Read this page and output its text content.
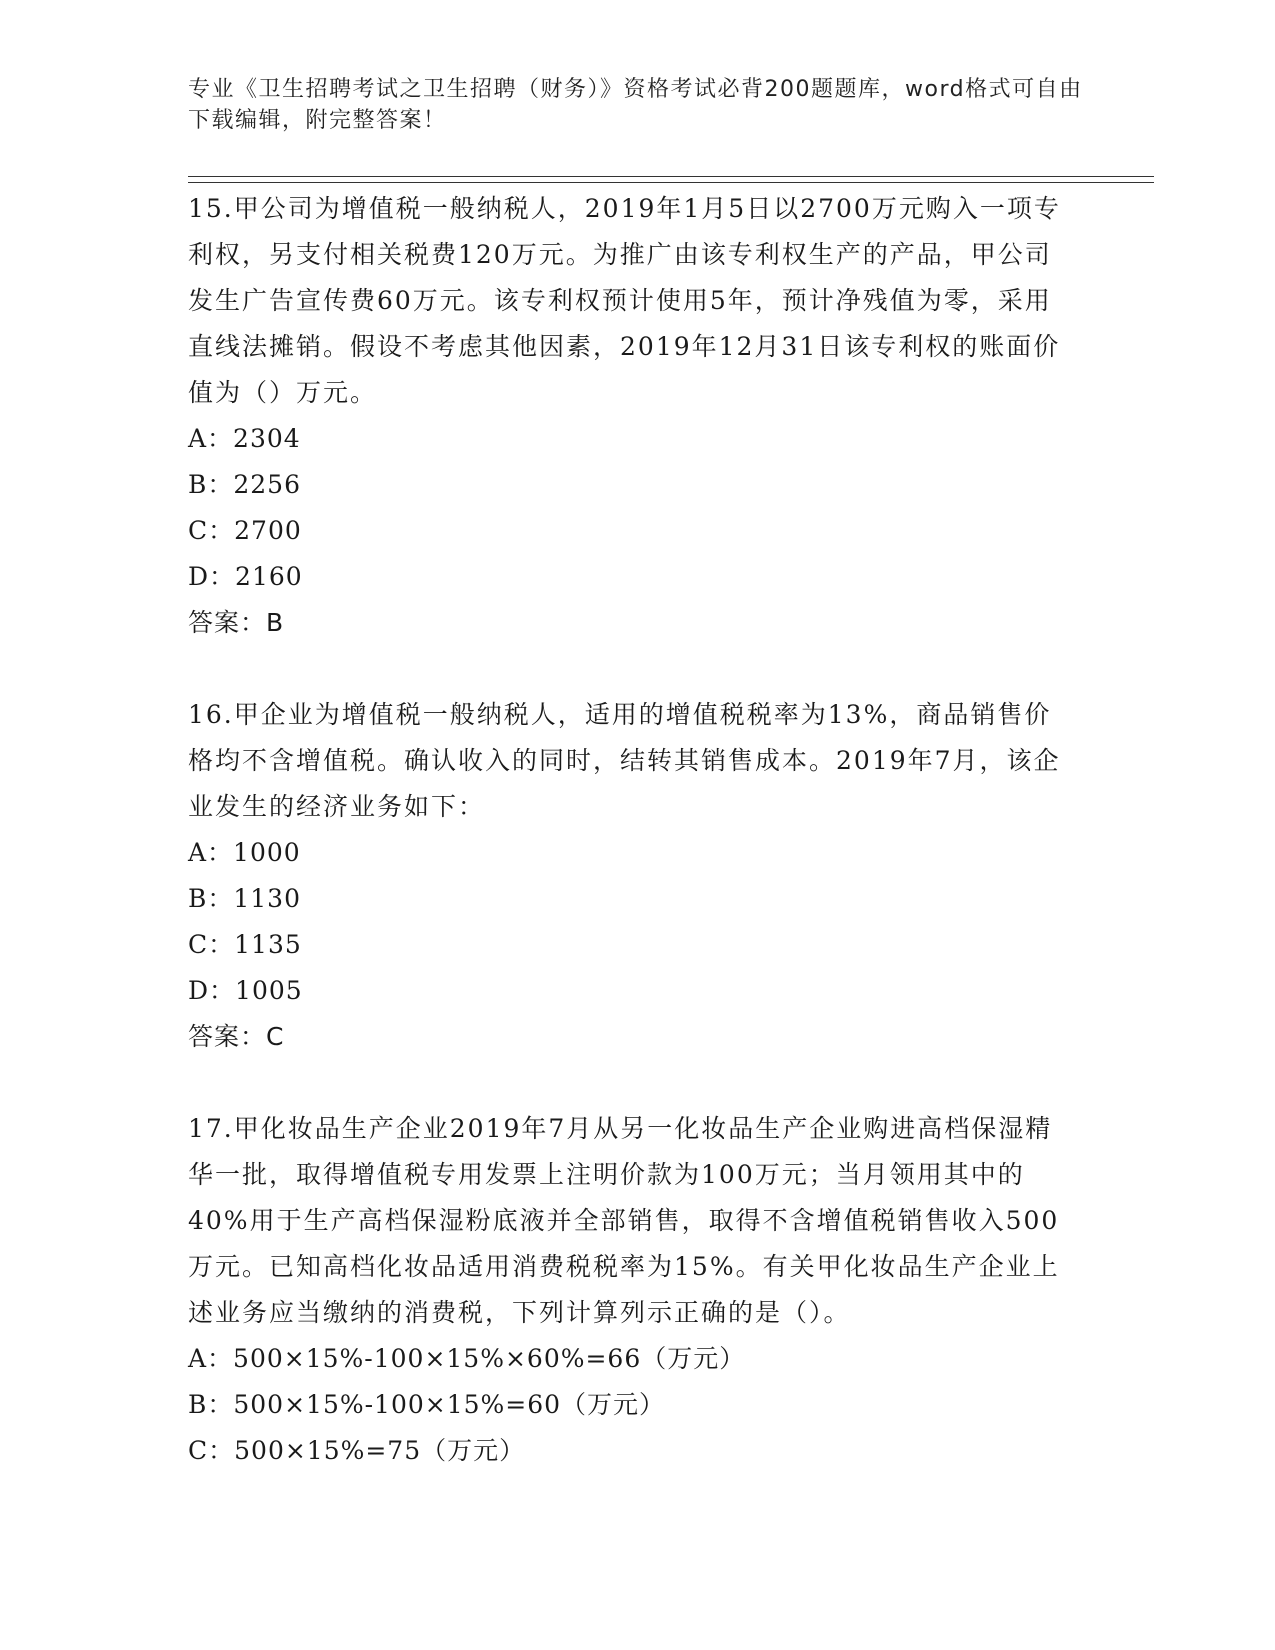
专业《卫生招聘考试之卫生招聘（财务）》资格考试必背200题题库，word格式可自由下载编辑，附完整答案！

15.甲公司为增值税一般纳税人，2019年1月5日以2700万元购入一项专利权，另支付相关税费120万元。为推广由该专利权生产的产品，甲公司发生广告宣传费60万元。该专利权预计使用5年，预计净残值为零，采用直线法摊销。假设不考虑其他因素，2019年12月31日该专利权的账面价值为（）万元。

A：2304

B：2256

C：2700

D：2160

答案：B

16.甲企业为增值税一般纳税人，适用的增值税税率为13%，商品销售价格均不含增值税。确认收入的同时，结转其销售成本。2019年7月，该企业发生的经济业务如下：

A：1000

B：1130

C：1135

D：1005

答案：C

17.甲化妆品生产企业2019年7月从另一化妆品生产企业购进高档保湿精华一批，取得增值税专用发票上注明价款为100万元；当月领用其中的40%用于生产高档保湿粉底液并全部销售，取得不含增值税销售收入500万元。已知高档化妆品适用消费税税率为15%。有关甲化妆品生产企业上述业务应当缴纳的消费税，下列计算列示正确的是（）。

A：500×15%-100×15%×60%=66（万元）

B：500×15%-100×15%=60（万元）

C：500×15%=75（万元）
